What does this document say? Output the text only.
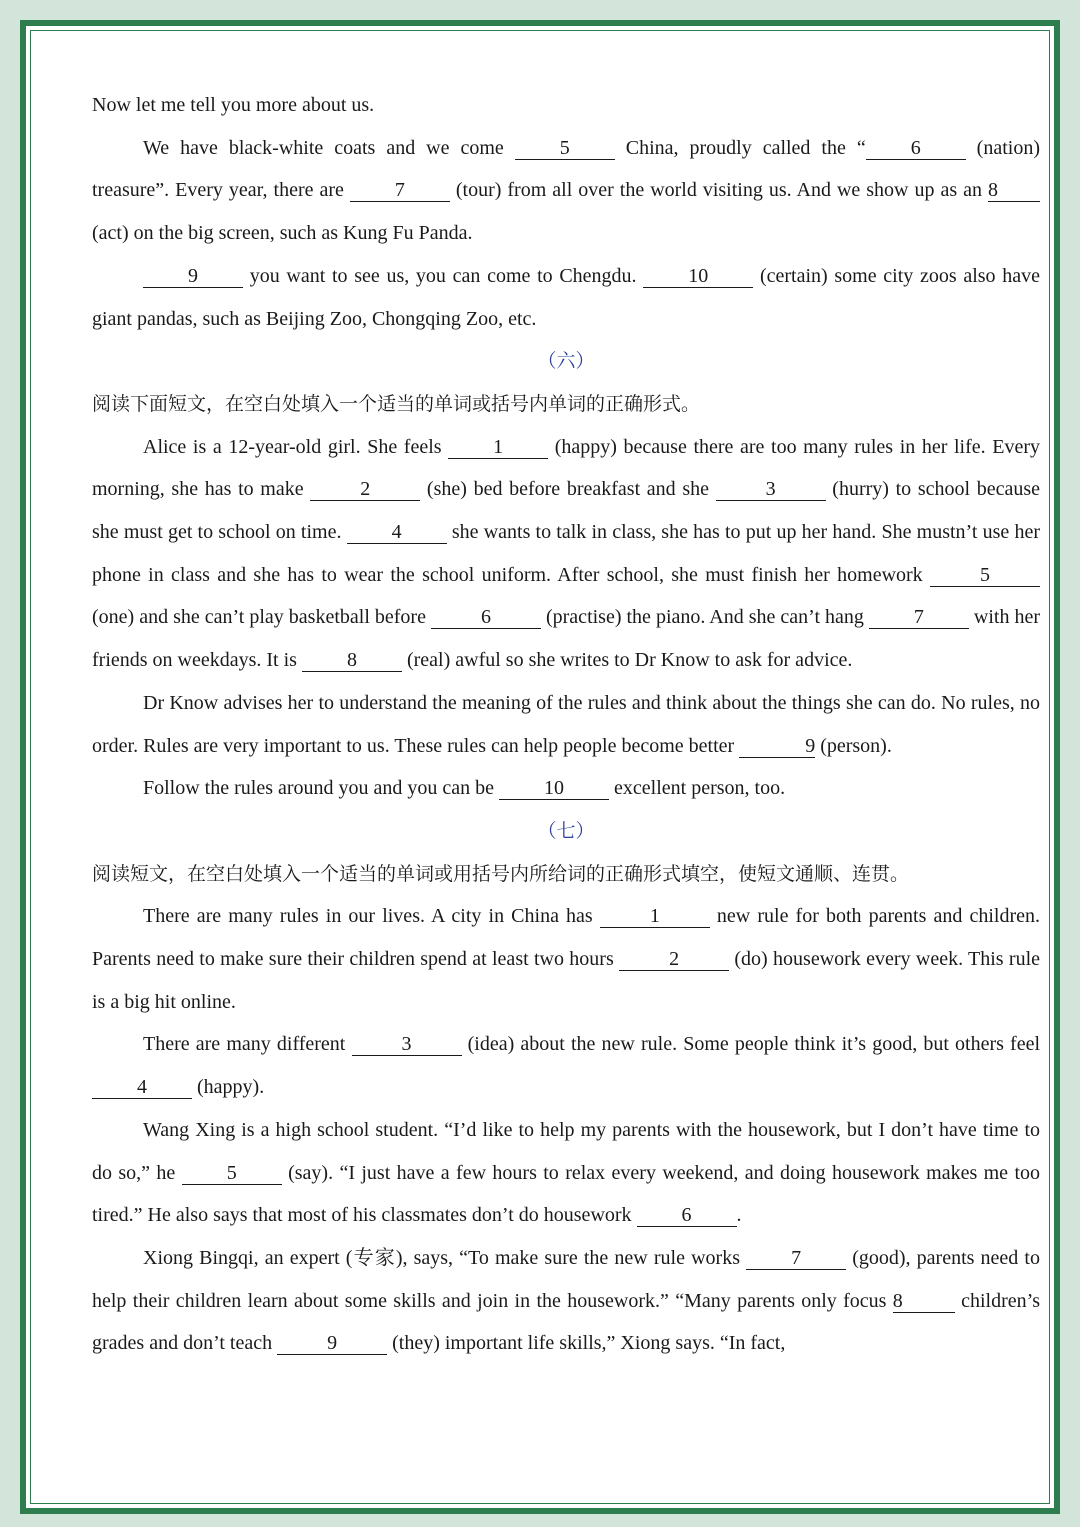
Now let me tell you more about us.

We have black-white coats and we come 5 China, proudly called the “ 6 (nation) treasure”. Every year, there are 7 (tour) from all over the world visiting us. And we show up as an 8 (act) on the big screen, such as Kung Fu Panda.

9 you want to see us, you can come to Chengdu. 10 (certain) some city zoos also have giant pandas, such as Beijing Zoo, Chongqing Zoo, etc.

（六）

阅读下面短文，在空白处填入一个适当的单词或括号内单词的正确形式。

Alice is a 12-year-old girl. She feels 1 (happy) because there are too many rules in her life. Every morning, she has to make	2	(she) bed before breakfast and she	3	(hurry) to school because she must get to school on time. 4 she wants to talk in class, she has to put up her hand. She mustn’t use her phone in class and she has to wear the school uniform. After school, she must finish her homework	5 (one) and she can’t play basketball before	6	(practise) the piano. And she can’t hang 7 with her friends on weekdays. It is 8 (real) awful so she writes to Dr Know to ask for advice.

Dr Know advises her to understand the meaning of the rules and think about the things she can do. No rules, no order. Rules are very important to us. These rules can help people become better	9 (person).

Follow the rules around you and you can be 10 excellent person, too.

（七）

阅读短文，在空白处填入一个适当的单词或用括号内所给词的正确形式填空，使短文通顺、连贯。

There are many rules in our lives. A city in China has	1	new rule for both parents and children. Parents need to make sure their children spend at least two hours	2	(do) housework every week. This rule is a big hit online.

There are many different	3	(idea) about the new rule. Some people think it’s good, but others feel 4 (happy).

Wang Xing is a high school student. “I’d like to help my parents with the housework, but I don’t have time to do so,” he 5 (say). “I just have a few hours to relax every weekend, and doing housework makes me too tired.” He also says that most of his classmates don’t do housework 6 .

Xiong Bingqi, an expert (专家), says, “To make sure the new rule works 7 (good), parents need to help their children learn about some skills and join in the housework.” “Many parents only focus 8	children’s grades and don’t teach	9	(they) important life skills,” Xiong says. “In fact,
